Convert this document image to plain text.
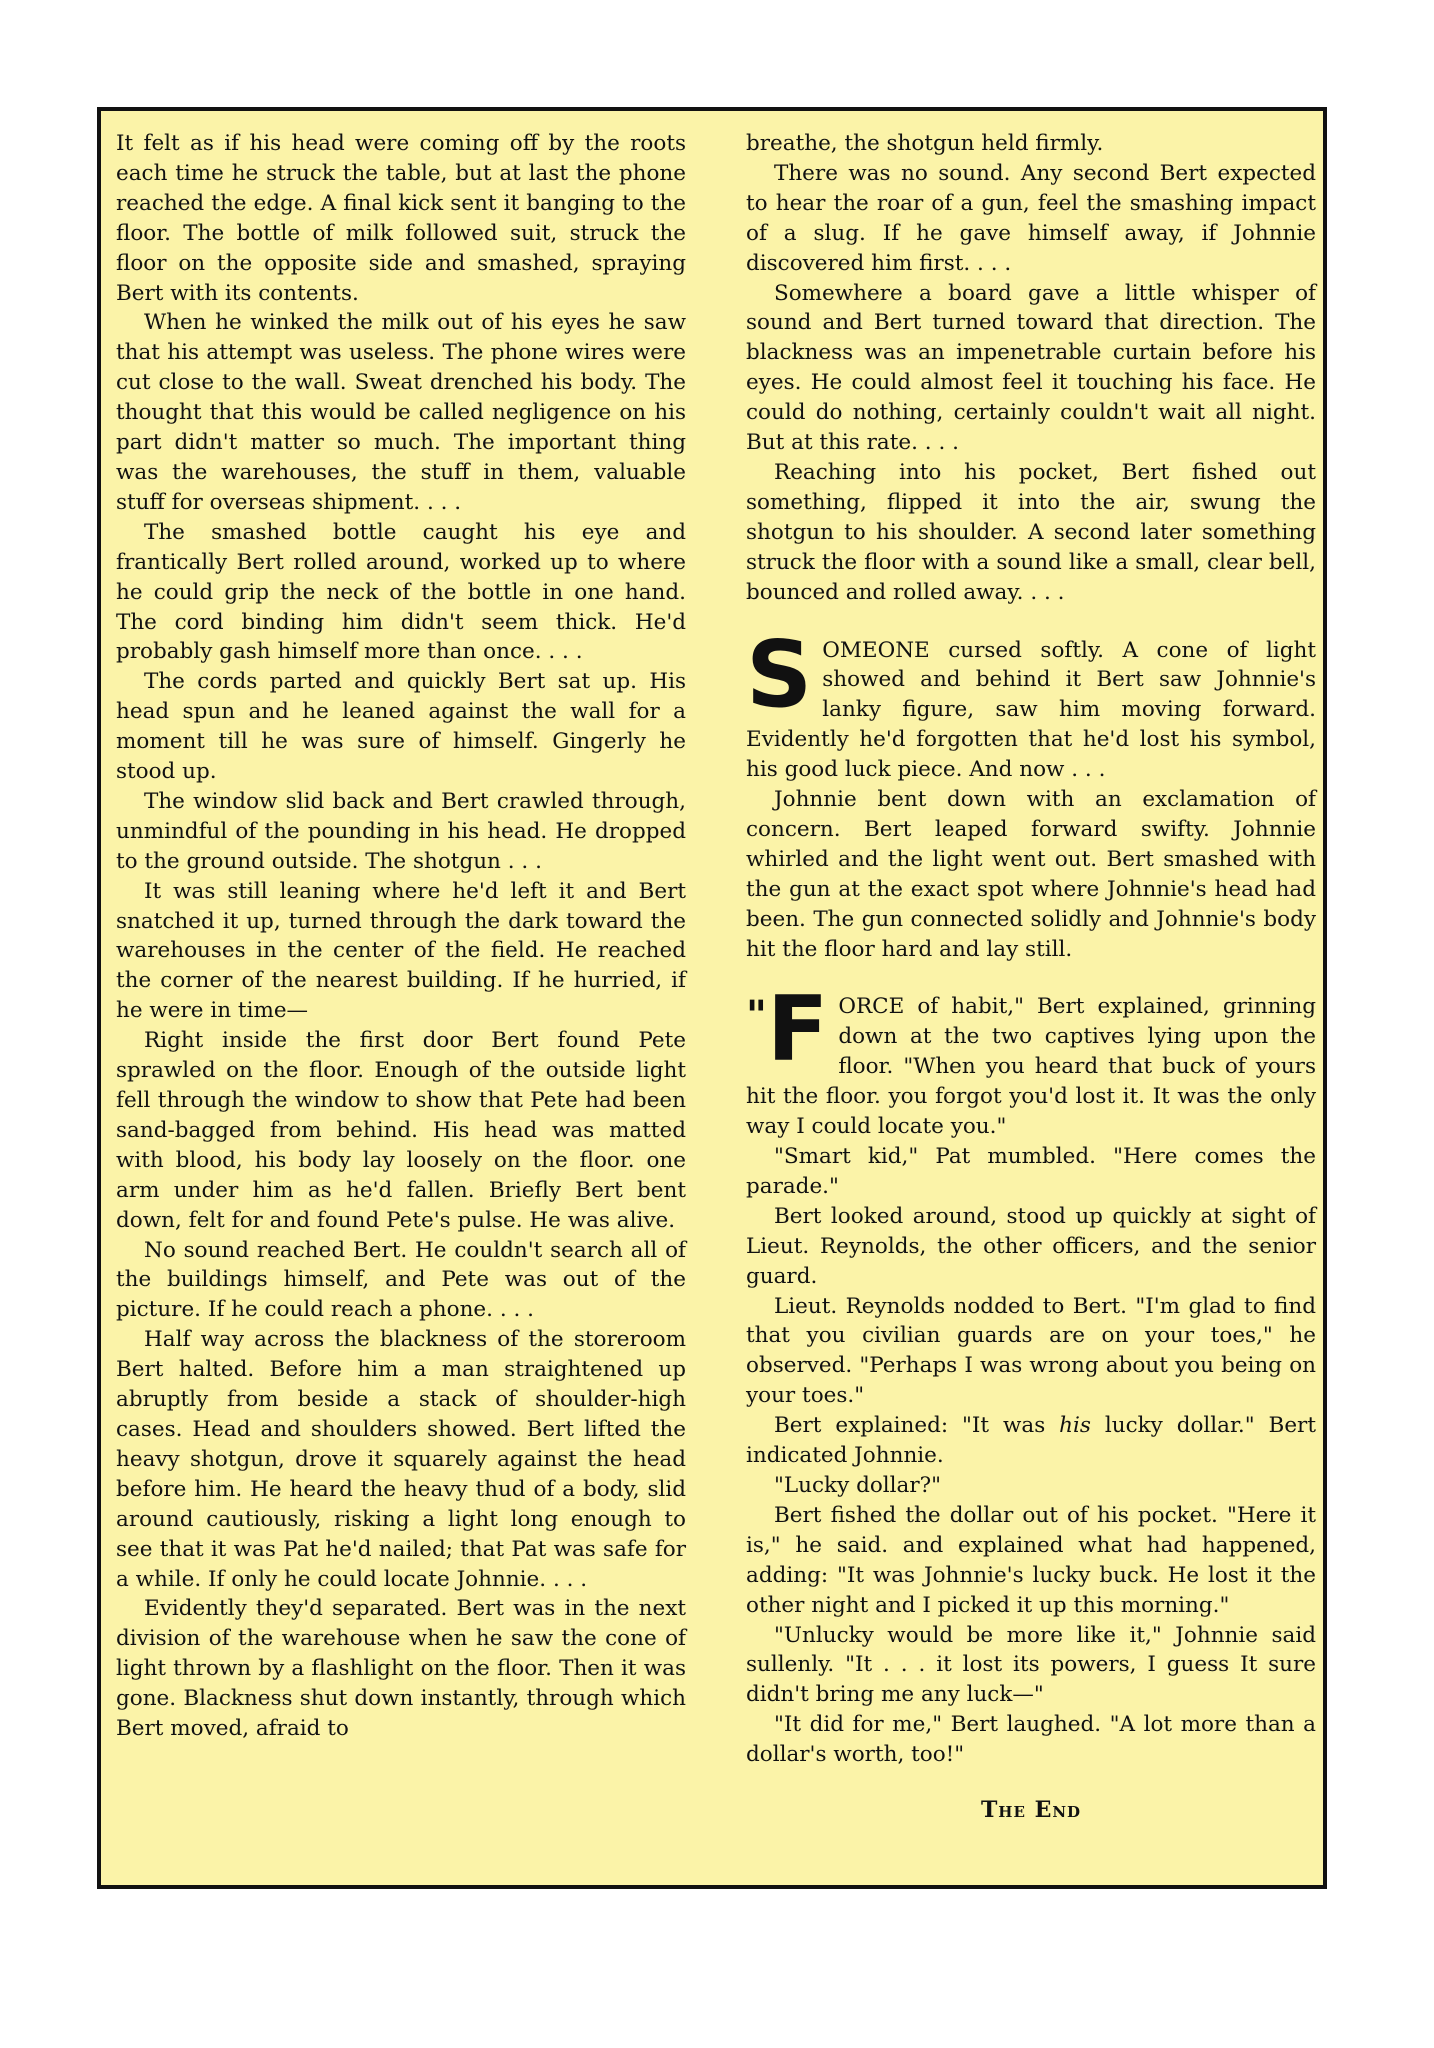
It felt as if his head were coming off by the roots each time he struck the table, but at last the phone reached the edge. A final kick sent it banging to the floor. The bottle of milk followed suit, struck the floor on the opposite side and smashed, spraying Bert with its contents.

When he winked the milk out of his eyes he saw that his attempt was useless. The phone wires were cut close to the wall. Sweat drenched his body. The thought that this would be called negligence on his part didn't matter so much. The important thing was the warehouses, the stuff in them, valuable stuff for overseas shipment. . . .

The smashed bottle caught his eye and frantically Bert rolled around, worked up to where he could grip the neck of the bottle in one hand. The cord binding him didn't seem thick. He'd probably gash himself more than once. . . .

The cords parted and quickly Bert sat up. His head spun and he leaned against the wall for a moment till he was sure of himself. Gingerly he stood up.

The window slid back and Bert crawled through, unmindful of the pounding in his head. He dropped to the ground outside. The shotgun . . .

It was still leaning where he'd left it and Bert snatched it up, turned through the dark toward the warehouses in the center of the field. He reached the corner of the nearest building. If he hurried, if he were in time—

Right inside the first door Bert found Pete sprawled on the floor. Enough of the outside light fell through the window to show that Pete had been sand-bagged from behind. His head was matted with blood, his body lay loosely on the floor. one arm under him as he'd fallen. Briefly Bert bent down, felt for and found Pete's pulse. He was alive.

No sound reached Bert. He couldn't search all of the buildings himself, and Pete was out of the picture. If he could reach a phone. . . .

Half way across the blackness of the storeroom Bert halted. Before him a man straightened up abruptly from beside a stack of shoulder-high cases. Head and shoulders showed. Bert lifted the heavy shotgun, drove it squarely against the head before him. He heard the heavy thud of a body, slid around cautiously, risking a light long enough to see that it was Pat he'd nailed; that Pat was safe for a while. If only he could locate Johnnie. . . .

Evidently they'd separated. Bert was in the next division of the warehouse when he saw the cone of light thrown by a flashlight on the floor. Then it was gone. Blackness shut down instantly, through which Bert moved, afraid to

breathe, the shotgun held firmly.

There was no sound. Any second Bert expected to hear the roar of a gun, feel the smashing impact of a slug. If he gave himself away, if Johnnie discovered him first. . . .

Somewhere a board gave a little whisper of sound and Bert turned toward that direction. The blackness was an impenetrable curtain before his eyes. He could almost feel it touching his face. He could do nothing, certainly couldn't wait all night. But at this rate. . . .

Reaching into his pocket, Bert fished out something, flipped it into the air, swung the shotgun to his shoulder. A second later something struck the floor with a sound like a small, clear bell, bounced and rolled away. . . .

SOMEONE cursed softly. A cone of light showed and behind it Bert saw Johnnie's lanky figure, saw him moving forward. Evidently he'd forgotten that he'd lost his symbol, his good luck piece. And now . . .

Johnnie bent down with an exclamation of concern. Bert leaped forward swifty. Johnnie whirled and the light went out. Bert smashed with the gun at the exact spot where Johnnie's head had been. The gun connected solidly and Johnnie's body hit the floor hard and lay still.

"F ORCE of habit," Bert explained, grinning down at the two captives lying upon the floor. "When you heard that buck of yours hit the floor. you forgot you'd lost it. It was the only way I could locate you."

"Smart kid," Pat mumbled. "Here comes the parade."

Bert looked around, stood up quickly at sight of Lieut. Reynolds, the other officers, and the senior guard.

Lieut. Reynolds nodded to Bert. "I'm glad to find that you civilian guards are on your toes," he observed. "Perhaps I was wrong about you being on your toes."

Bert explained: "It was his lucky dollar." Bert indicated Johnnie.

"Lucky dollar?"

Bert fished the dollar out of his pocket. "Here it is," he said. and explained what had happened, adding: "It was Johnnie's lucky buck. He lost it the other night and I picked it up this morning."

"Unlucky would be more like it," Johnnie said sullenly. "It . . . it lost its powers, I guess It sure didn't bring me any luck—"

"It did for me," Bert laughed. "A lot more than a dollar's worth, too!"

The End
